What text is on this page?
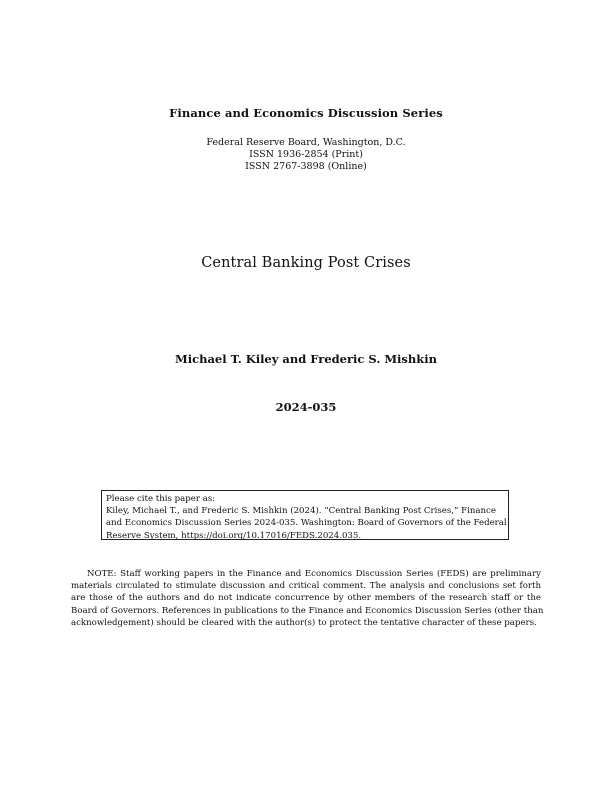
Finance and Economics Discussion Series
Federal Reserve Board, Washington, D.C.
ISSN 1936-2854 (Print)
ISSN 2767-3898 (Online)
Central Banking Post Crises
Michael T. Kiley and Frederic S. Mishkin
2024-035
Please cite this paper as:
Kiley, Michael T., and Frederic S. Mishkin (2024). “Central Banking Post Crises,” Finance
and Economics Discussion Series 2024-035. Washington: Board of Governors of the Federal
Reserve System, https://doi.org/10.17016/FEDS.2024.035.
NOTE: Staff working papers in the Finance and Economics Discussion Series (FEDS) are preliminary
materials circulated to stimulate discussion and critical comment. The analysis and conclusions set forth
are those of the authors and do not indicate concurrence by other members of the research staff or the
Board of Governors. References in publications to the Finance and Economics Discussion Series (other than
acknowledgement) should be cleared with the author(s) to protect the tentative character of these papers.
